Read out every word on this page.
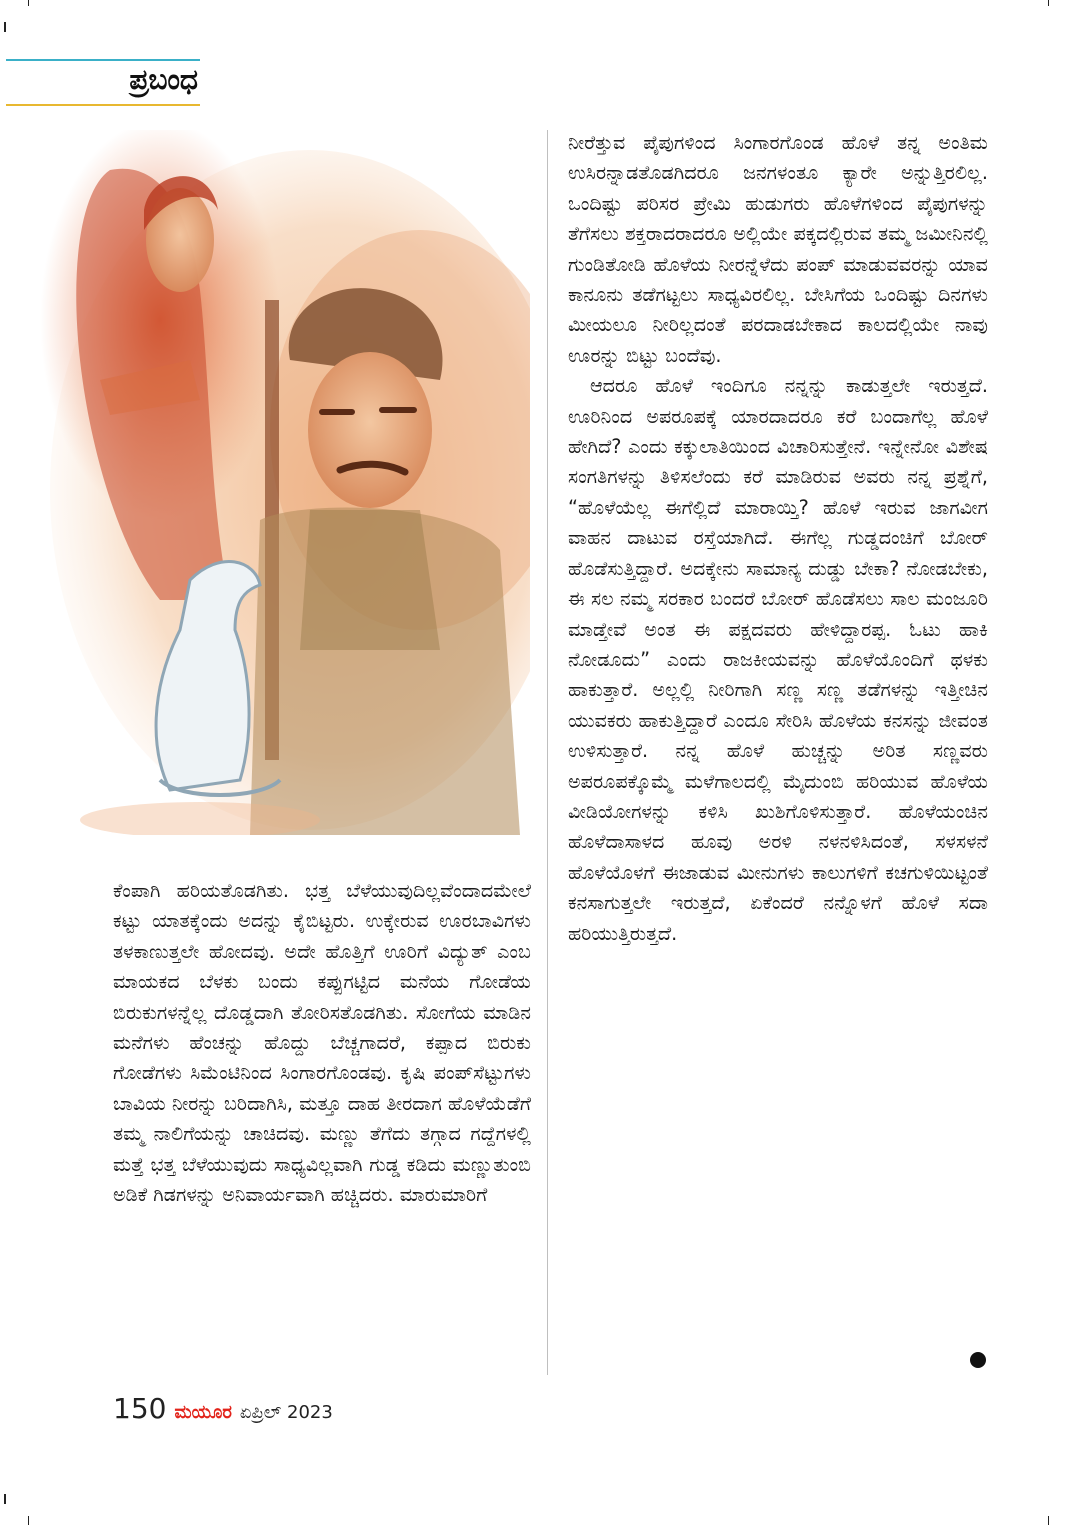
ಪ್ರಬಂಧ

ಕೆಂಪಾಗಿ ಹರಿಯತೊಡಗಿತು. ಭತ್ತ ಬೆಳೆಯುವುದಿಲ್ಲವೆಂದಾದಮೇಲೆ ಕಟ್ಟು ಯಾತಕ್ಕೆಂದು ಅದನ್ನು ಕೈಬಿಟ್ಟರು. ಉಕ್ಕೇರುವ ಊರಬಾವಿಗಳು ತಳಕಾಣುತ್ತಲೇ ಹೋದವು. ಅದೇ ಹೊತ್ತಿಗೆ ಊರಿಗೆ ವಿದ್ಯುತ್ ಎಂಬ ಮಾಯಕದ ಬೆಳಕು ಬಂದು ಕಪ್ಪುಗಟ್ಟಿದ ಮನೆಯ ಗೋಡೆಯ ಬಿರುಕುಗಳನ್ನೆಲ್ಲ ದೊಡ್ಡದಾಗಿ ತೋರಿಸತೊಡಗಿತು. ಸೋಗೆಯ ಮಾಡಿನ ಮನೆಗಳು ಹೆಂಚನ್ನು ಹೊದ್ದು ಬೆಚ್ಚಗಾದರೆ, ಕಪ್ಪಾದ ಬಿರುಕು ಗೋಡೆಗಳು ಸಿಮೆಂಟಿನಿಂದ ಸಿಂಗಾರಗೊಂಡವು. ಕೃಷಿ ಪಂಪ್‌ಸೆಟ್ಟುಗಳು ಬಾವಿಯ ನೀರನ್ನು ಬರಿದಾಗಿಸಿ, ಮತ್ತೂ ದಾಹ ತೀರದಾಗ ಹೊಳೆಯೆಡೆಗೆ ತಮ್ಮ ನಾಲಿಗೆಯನ್ನು ಚಾಚಿದವು. ಮಣ್ಣು ತೆಗೆದು ತಗ್ಗಾದ ಗದ್ದೆಗಳಲ್ಲಿ ಮತ್ತೆ ಭತ್ತ ಬೆಳೆಯುವುದು ಸಾಧ್ಯವಿಲ್ಲವಾಗಿ ಗುಡ್ಡ ಕಡಿದು ಮಣ್ಣುತುಂಬಿ ಅಡಿಕೆ ಗಿಡಗಳನ್ನು ಅನಿವಾರ್ಯವಾಗಿ ಹಚ್ಚಿದರು. ಮಾರುಮಾರಿಗೆ

ನೀರೆತ್ತುವ ಪೈಪುಗಳಿಂದ ಸಿಂಗಾರಗೊಂಡ ಹೊಳೆ ತನ್ನ ಅಂತಿಮ ಉಸಿರನ್ನಾಡತೊಡಗಿದರೂ ಜನಗಳಂತೂ ಕ್ಯಾರೇ ಅನ್ನುತ್ತಿರಲಿಲ್ಲ. ಒಂದಿಷ್ಟು ಪರಿಸರ ಪ್ರೇಮಿ ಹುಡುಗರು ಹೊಳೆಗಳಿಂದ ಪೈಪುಗಳನ್ನು ತೆಗೆಸಲು ಶಕ್ತರಾದರಾದರೂ ಅಲ್ಲಿಯೇ ಪಕ್ಕದಲ್ಲಿರುವ ತಮ್ಮ ಜಮೀನಿನಲ್ಲಿ ಗುಂಡಿತೋಡಿ ಹೊಳೆಯ ನೀರನ್ನೆಳೆದು ಪಂಪ್ ಮಾಡುವವರನ್ನು ಯಾವ ಕಾನೂನು ತಡೆಗಟ್ಟಲು ಸಾಧ್ಯವಿರಲಿಲ್ಲ. ಬೇಸಿಗೆಯ ಒಂದಿಷ್ಟು ದಿನಗಳು ಮೀಯಲೂ ನೀರಿಲ್ಲದಂತೆ ಪರದಾಡಬೇಕಾದ ಕಾಲದಲ್ಲಿಯೇ ನಾವು ಊರನ್ನು ಬಿಟ್ಟು ಬಂದೆವು.

ಆದರೂ ಹೊಳೆ ಇಂದಿಗೂ ನನ್ನನ್ನು ಕಾಡುತ್ತಲೇ ಇರುತ್ತದೆ. ಊರಿನಿಂದ ಅಪರೂಪಕ್ಕೆ ಯಾರದಾದರೂ ಕರೆ ಬಂದಾಗೆಲ್ಲ ಹೊಳೆ ಹೇಗಿದೆ? ಎಂದು ಕಕ್ಕುಲಾತಿಯಿಂದ ವಿಚಾರಿಸುತ್ತೇನೆ. ಇನ್ನೇನೋ ವಿಶೇಷ ಸಂಗತಿಗಳನ್ನು ತಿಳಿಸಲೆಂದು ಕರೆ ಮಾಡಿರುವ ಅವರು ನನ್ನ ಪ್ರಶ್ನೆಗೆ, “ಹೊಳೆಯೆಲ್ಲ ಈಗೆಲ್ಲಿದೆ ಮಾರಾಯ್ತಿ? ಹೊಳೆ ಇರುವ ಜಾಗವೀಗ ವಾಹನ ದಾಟುವ ರಸ್ತೆಯಾಗಿದೆ. ಈಗೆಲ್ಲ ಗುಡ್ಡದಂಚಿಗೆ ಬೋರ್ ಹೊಡೆಸುತ್ತಿದ್ದಾರೆ. ಅದಕ್ಕೇನು ಸಾಮಾನ್ಯ ದುಡ್ಡು ಬೇಕಾ? ನೋಡಬೇಕು, ಈ ಸಲ ನಮ್ಮ ಸರಕಾರ ಬಂದರೆ ಬೋರ್ ಹೊಡೆಸಲು ಸಾಲ ಮಂಜೂರಿ ಮಾಡ್ತೇವೆ ಅಂತ ಈ ಪಕ್ಷದವರು ಹೇಳಿದ್ದಾರಪ್ಪ. ಓಟು ಹಾಕಿ ನೋಡೂದು” ಎಂದು ರಾಜಕೀಯವನ್ನು ಹೊಳೆಯೊಂದಿಗೆ ಥಳಕು ಹಾಕುತ್ತಾರೆ. ಅಲ್ಲಲ್ಲಿ ನೀರಿಗಾಗಿ ಸಣ್ಣ ಸಣ್ಣ ತಡೆಗಳನ್ನು ಇತ್ತೀಚಿನ ಯುವಕರು ಹಾಕುತ್ತಿದ್ದಾರೆ ಎಂದೂ ಸೇರಿಸಿ ಹೊಳೆಯ ಕನಸನ್ನು ಜೀವಂತ ಉಳಿಸುತ್ತಾರೆ. ನನ್ನ ಹೊಳೆ ಹುಚ್ಚನ್ನು ಅರಿತ ಸಣ್ಣವರು ಅಪರೂಪಕ್ಕೊಮ್ಮೆ ಮಳೆಗಾಲದಲ್ಲಿ ಮೈದುಂಬಿ ಹರಿಯುವ ಹೊಳೆಯ ವೀಡಿಯೋಗಳನ್ನು ಕಳಿಸಿ ಖುಶಿಗೊಳಿಸುತ್ತಾರೆ. ಹೊಳೆಯಂಚಿನ ಹೊಳೆದಾಸಾಳದ ಹೂವು ಅರಳಿ ನಳನಳಿಸಿದಂತೆ, ಸಳಸಳನೆ ಹೊಳೆಯೊಳಗೆ ಈಜಾಡುವ ಮೀನುಗಳು ಕಾಲುಗಳಿಗೆ ಕಚಗುಳಿಯಿಟ್ಟಂತೆ ಕನಸಾಗುತ್ತಲೇ ಇರುತ್ತದೆ, ಏಕೆಂದರೆ ನನ್ನೊಳಗೆ ಹೊಳೆ ಸದಾ ಹರಿಯುತ್ತಿರುತ್ತದೆ.

150 ಮಯೂರ ಏಪ್ರಿಲ್ 2023
